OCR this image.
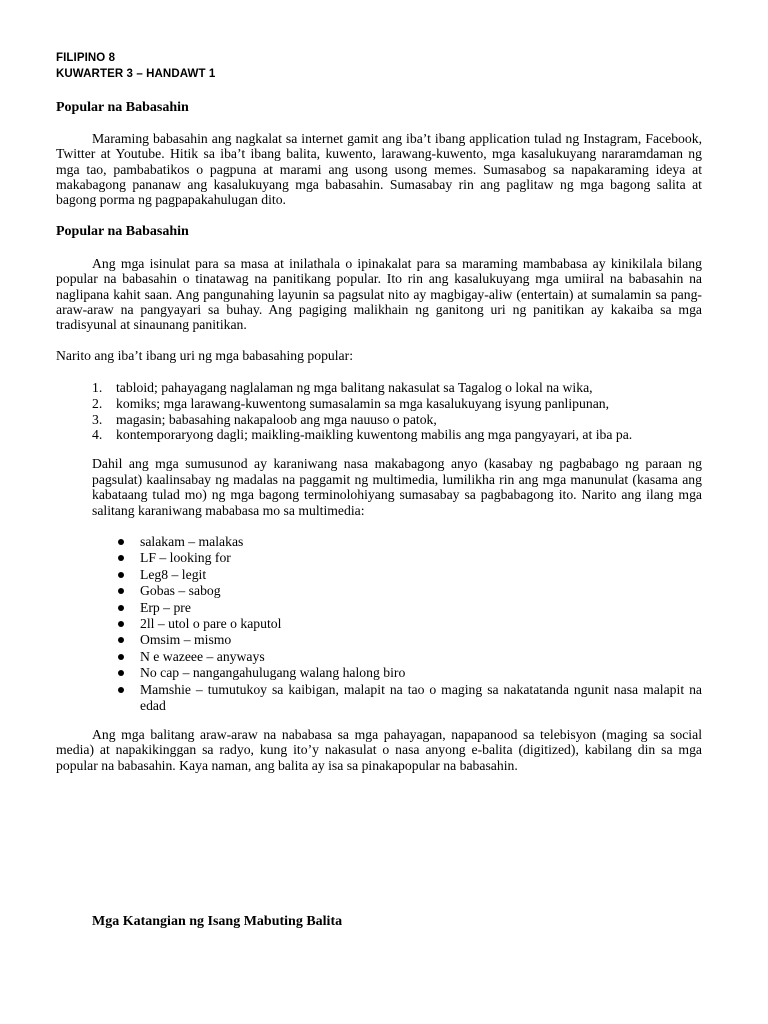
FILIPINO 8
KUWARTER 3 – HANDAWT 1
Popular na Babasahin

Maraming babasahin ang nagkalat sa internet gamit ang iba’t ibang application tulad ng Instagram, Facebook, Twitter at Youtube. Hitik sa iba’t ibang balita, kuwento, larawang-kuwento, mga kasalukuyang nararamdaman ng mga tao, pambabatikos o pagpuna at marami ang usong usong memes. Sumasabog sa napakaraming ideya at makabagong pananaw ang kasalukuyang mga babasahin. Sumasabay rin ang paglitaw ng mga bagong salita at bagong porma ng pagpapakahulugan dito.

Popular na Babasahin

Ang mga isinulat para sa masa at inilathala o ipinakalat para sa maraming mambabasa ay kinikilala bilang popular na babasahin o tinatawag na panitikang popular. Ito rin ang kasalukuyang mga umiiral na babasahin na naglipana kahit saan. Ang pangunahing layunin sa pagsulat nito ay magbigay-aliw (entertain) at sumalamin sa pang-araw-araw na pangyayari sa buhay. Ang pagiging malikhain ng ganitong uri ng panitikan ay kakaiba sa mga tradisyunal at sinaunang panitikan.

Narito ang iba’t ibang uri ng mga babasahing popular:
1. tabloid; pahayagang naglalaman ng mga balitang nakasulat sa Tagalog o lokal na wika,
2. komiks; mga larawang-kuwentong sumasalamin sa mga kasalukuyang isyung panlipunan,
3. magasin; babasahing nakapaloob ang mga nauuso o patok,
4. kontemporaryong dagli; maikling-maikling kuwentong mabilis ang mga pangyayari, at iba pa.

Dahil ang mga sumusunod ay karaniwang nasa makabagong anyo (kasabay ng pagbabago ng paraan ng pagsulat) kaalinsabay ng madalas na paggamit ng multimedia, lumilikha rin ang mga manunulat (kasama ang kabataang tulad mo) ng mga bagong terminolohiyang sumasabay sa pagbabagong ito. Narito ang ilang mga salitang karaniwang mababasa mo sa multimedia:

salakam – malakas
LF – looking for
Leg8 – legit
Gobas – sabog
Erp – pre
2ll – utol o pare o kaputol
Omsim – mismo
N e wazeee – anyways
No cap – nangangahulugang walang halong biro
Mamshie – tumutukoy sa kaibigan, malapit na tao o maging sa nakatatanda ngunit nasa malapit na edad

Ang mga balitang araw-araw na nababasa sa mga pahayagan, napapanood sa telebisyon (maging sa social media) at napakikinggan sa radyo, kung ito’y nakasulat o nasa anyong e-balita (digitized), kabilang din sa mga popular na babasahin. Kaya naman, ang balita ay isa sa pinakapopular na babasahin.

Mga Katangian ng Isang Mabuting Balita
